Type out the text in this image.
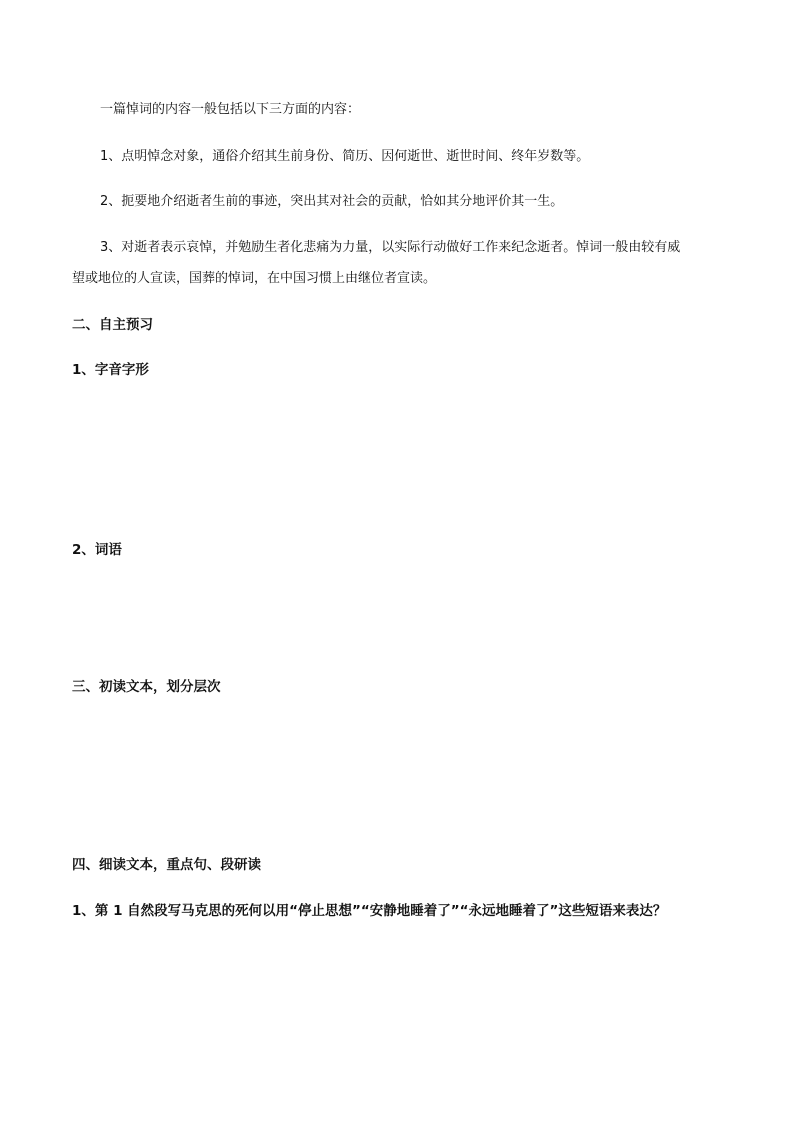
一篇悼词的内容一般包括以下三方面的内容：
1、点明悼念对象，通俗介绍其生前身份、简历、因何逝世、逝世时间、终年岁数等。
2、扼要地介绍逝者生前的事迹，突出其对社会的贡献，恰如其分地评价其一生。
3、对逝者表示哀悼，并勉励生者化悲痛为力量，以实际行动做好工作来纪念逝者。悼词一般由较有威
望或地位的人宣读，国葬的悼词，在中国习惯上由继位者宣读。
二、自主预习
1、字音字形
2、词语
三、初读文本，划分层次
四、细读文本，重点句、段研读
1、第 1 自然段写马克思的死何以用“停止思想”“安静地睡着了”“永远地睡着了”这些短语来表达？
